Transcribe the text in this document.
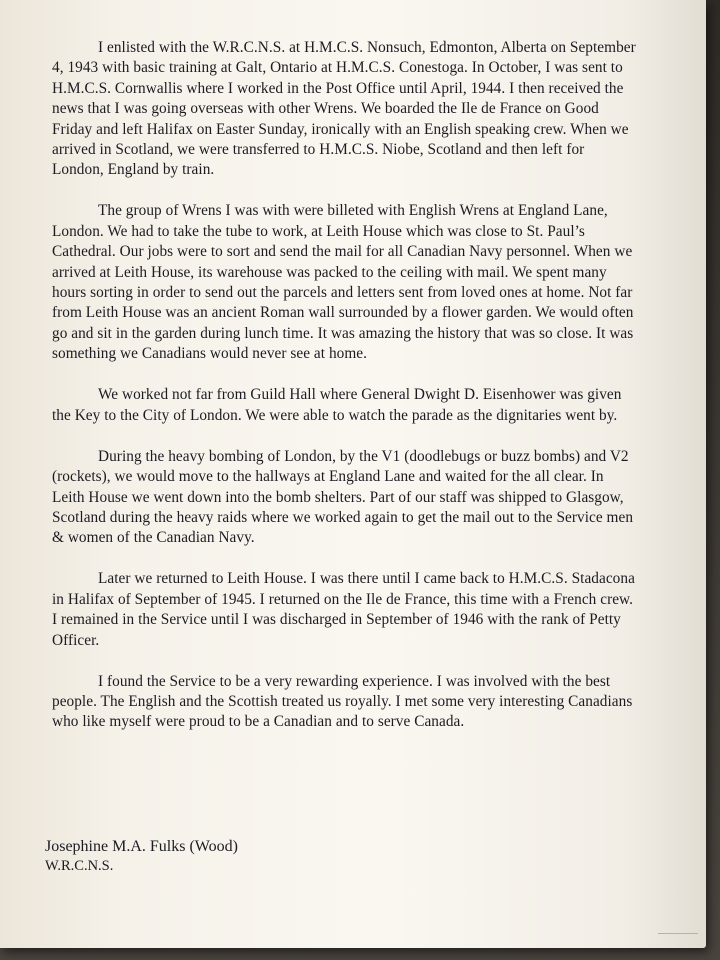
I enlisted with the W.R.C.N.S. at H.M.C.S. Nonsuch, Edmonton, Alberta on September 4, 1943 with basic training at Galt, Ontario at H.M.C.S. Conestoga. In October, I was sent to H.M.C.S. Cornwallis where I worked in the Post Office until April, 1944. I then received the news that I was going overseas with other Wrens. We boarded the Ile de France on Good Friday and left Halifax on Easter Sunday, ironically with an English speaking crew. When we arrived in Scotland, we were transferred to H.M.C.S. Niobe, Scotland and then left for London, England by train.

The group of Wrens I was with were billeted with English Wrens at England Lane, London. We had to take the tube to work, at Leith House which was close to St. Paul’s Cathedral. Our jobs were to sort and send the mail for all Canadian Navy personnel. When we arrived at Leith House, its warehouse was packed to the ceiling with mail. We spent many hours sorting in order to send out the parcels and letters sent from loved ones at home. Not far from Leith House was an ancient Roman wall surrounded by a flower garden. We would often go and sit in the garden during lunch time. It was amazing the history that was so close. It was something we Canadians would never see at home.

We worked not far from Guild Hall where General Dwight D. Eisenhower was given the Key to the City of London. We were able to watch the parade as the dignitaries went by.

During the heavy bombing of London, by the V1 (doodlebugs or buzz bombs) and V2 (rockets), we would move to the hallways at England Lane and waited for the all clear. In Leith House we went down into the bomb shelters. Part of our staff was shipped to Glasgow, Scotland during the heavy raids where we worked again to get the mail out to the Service men & women of the Canadian Navy.

Later we returned to Leith House. I was there until I came back to H.M.C.S. Stadacona in Halifax of September of 1945. I returned on the Ile de France, this time with a French crew. I remained in the Service until I was discharged in September of 1946 with the rank of Petty Officer.

I found the Service to be a very rewarding experience. I was involved with the best people. The English and the Scottish treated us royally. I met some very interesting Canadians who like myself were proud to be a Canadian and to serve Canada.

Josephine M.A. Fulks (Wood)
W.R.C.N.S.
